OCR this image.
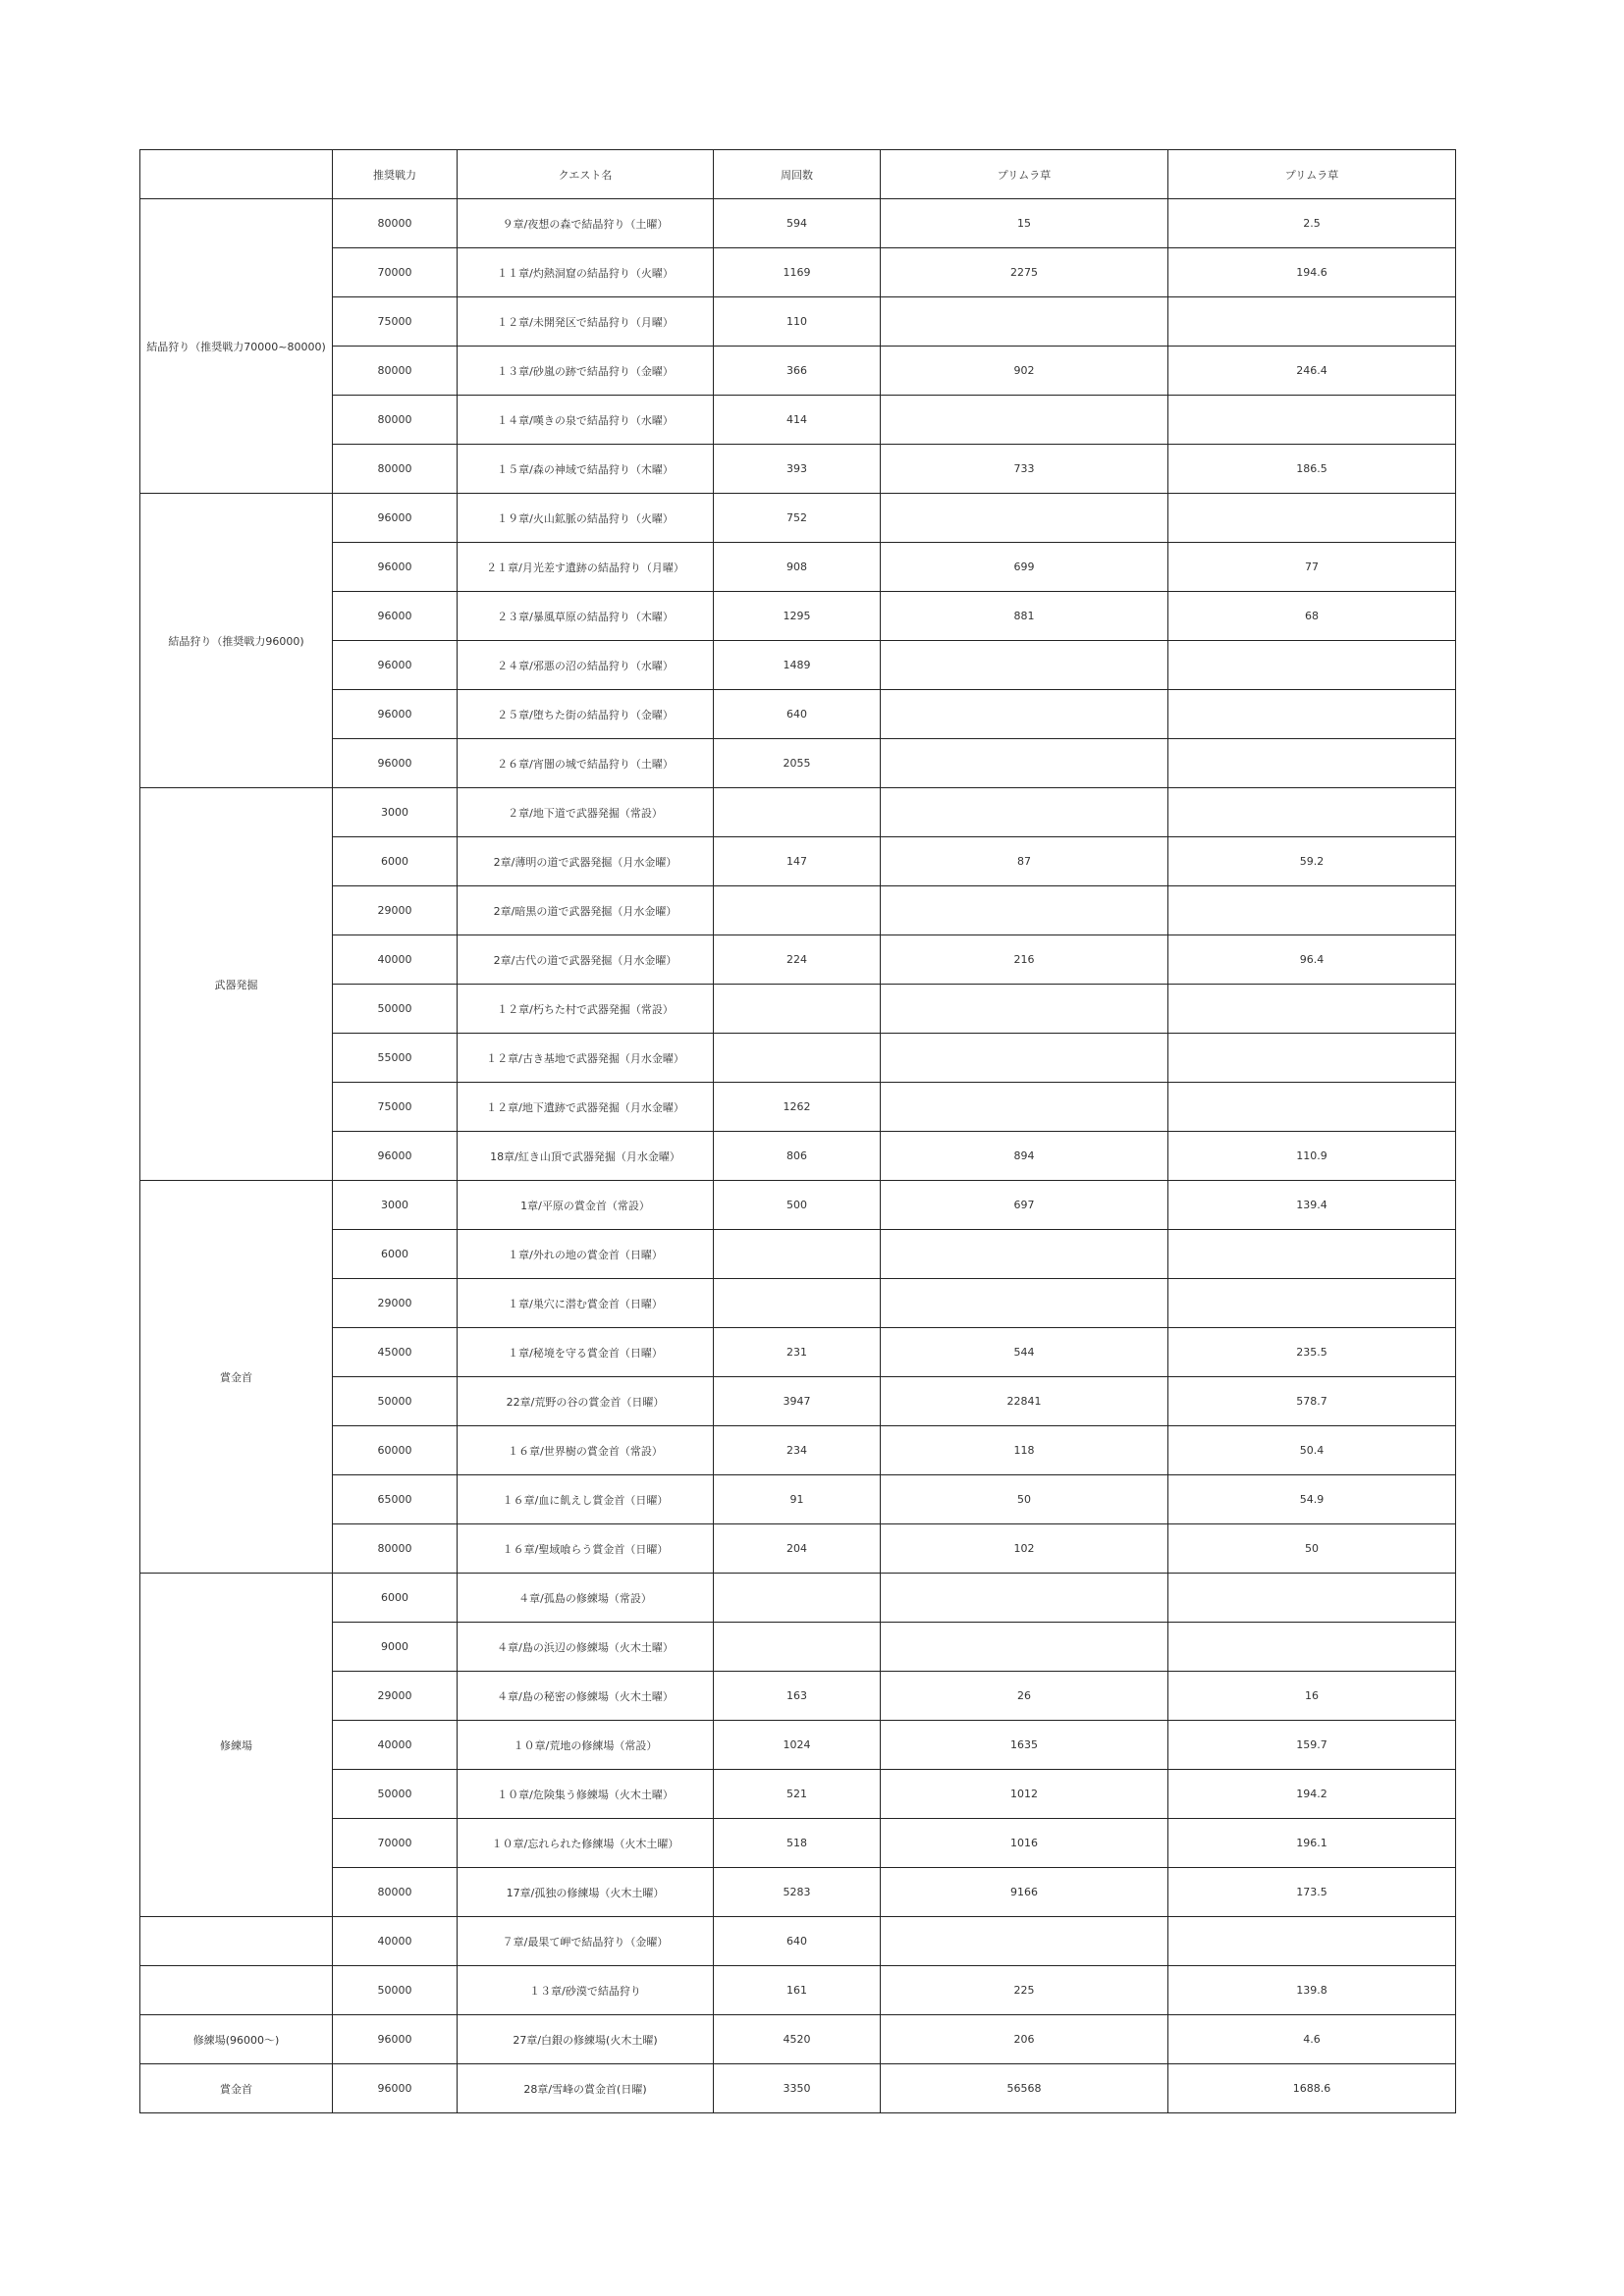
	推奨戦力	クエスト名	周回数	プリムラ草	プリムラ草
結晶狩り（推奨戦力70000~80000)	80000	９章/夜想の森で結晶狩り（土曜）	594	15	2.5
	70000	１１章/灼熱洞窟の結晶狩り（火曜）	1169	2275	194.6
	75000	１２章/未開発区で結晶狩り（月曜）	110		
	80000	１３章/砂嵐の跡で結晶狩り（金曜）	366	902	246.4
	80000	１４章/嘆きの泉で結晶狩り（水曜）	414		
	80000	１５章/森の神域で結晶狩り（木曜）	393	733	186.5
結晶狩り（推奨戦力96000)	96000	１９章/火山鉱脈の結晶狩り（火曜）	752		
	96000	２１章/月光差す遺跡の結晶狩り（月曜）	908	699	77
	96000	２３章/暴風草原の結晶狩り（木曜）	1295	881	68
	96000	２４章/邪悪の沼の結晶狩り（水曜）	1489		
	96000	２５章/堕ちた街の結晶狩り（金曜）	640		
	96000	２６章/宵闇の城で結晶狩り（土曜）	2055		
武器発掘	3000	２章/地下道で武器発掘（常設）			
	6000	2章/薄明の道で武器発掘（月水金曜）	147	87	59.2
	29000	2章/暗黒の道で武器発掘（月水金曜）			
	40000	2章/古代の道で武器発掘（月水金曜）	224	216	96.4
	50000	１２章/朽ちた村で武器発掘（常設）			
	55000	１２章/古き基地で武器発掘（月水金曜）			
	75000	１２章/地下遺跡で武器発掘（月水金曜）	1262		
	96000	18章/紅き山頂で武器発掘（月水金曜）	806	894	110.9
賞金首	3000	1章/平原の賞金首（常設）	500	697	139.4
	6000	１章/外れの地の賞金首（日曜）			
	29000	１章/巣穴に潜む賞金首（日曜）			
	45000	１章/秘境を守る賞金首（日曜）	231	544	235.5
	50000	22章/荒野の谷の賞金首（日曜）	3947	22841	578.7
	60000	１６章/世界樹の賞金首（常設）	234	118	50.4
	65000	１６章/血に飢えし賞金首（日曜）	91	50	54.9
	80000	１６章/聖域喰らう賞金首（日曜）	204	102	50
修練場	6000	４章/孤島の修練場（常設）			
	9000	４章/島の浜辺の修練場（火木土曜）			
	29000	４章/島の秘密の修練場（火木土曜）	163	26	16
	40000	１０章/荒地の修練場（常設）	1024	1635	159.7
	50000	１０章/危険集う修練場（火木土曜）	521	1012	194.2
	70000	１０章/忘れられた修練場（火木土曜）	518	1016	196.1
	80000	17章/孤独の修練場（火木土曜）	5283	9166	173.5
	40000	７章/最果て岬で結晶狩り（金曜）	640		
	50000	１３章/砂漠で結晶狩り	161	225	139.8
修練場(96000～)	96000	27章/白銀の修練場(火木土曜)	4520	206	4.6
賞金首	96000	28章/雪峰の賞金首(日曜)	3350	56568	1688.6
